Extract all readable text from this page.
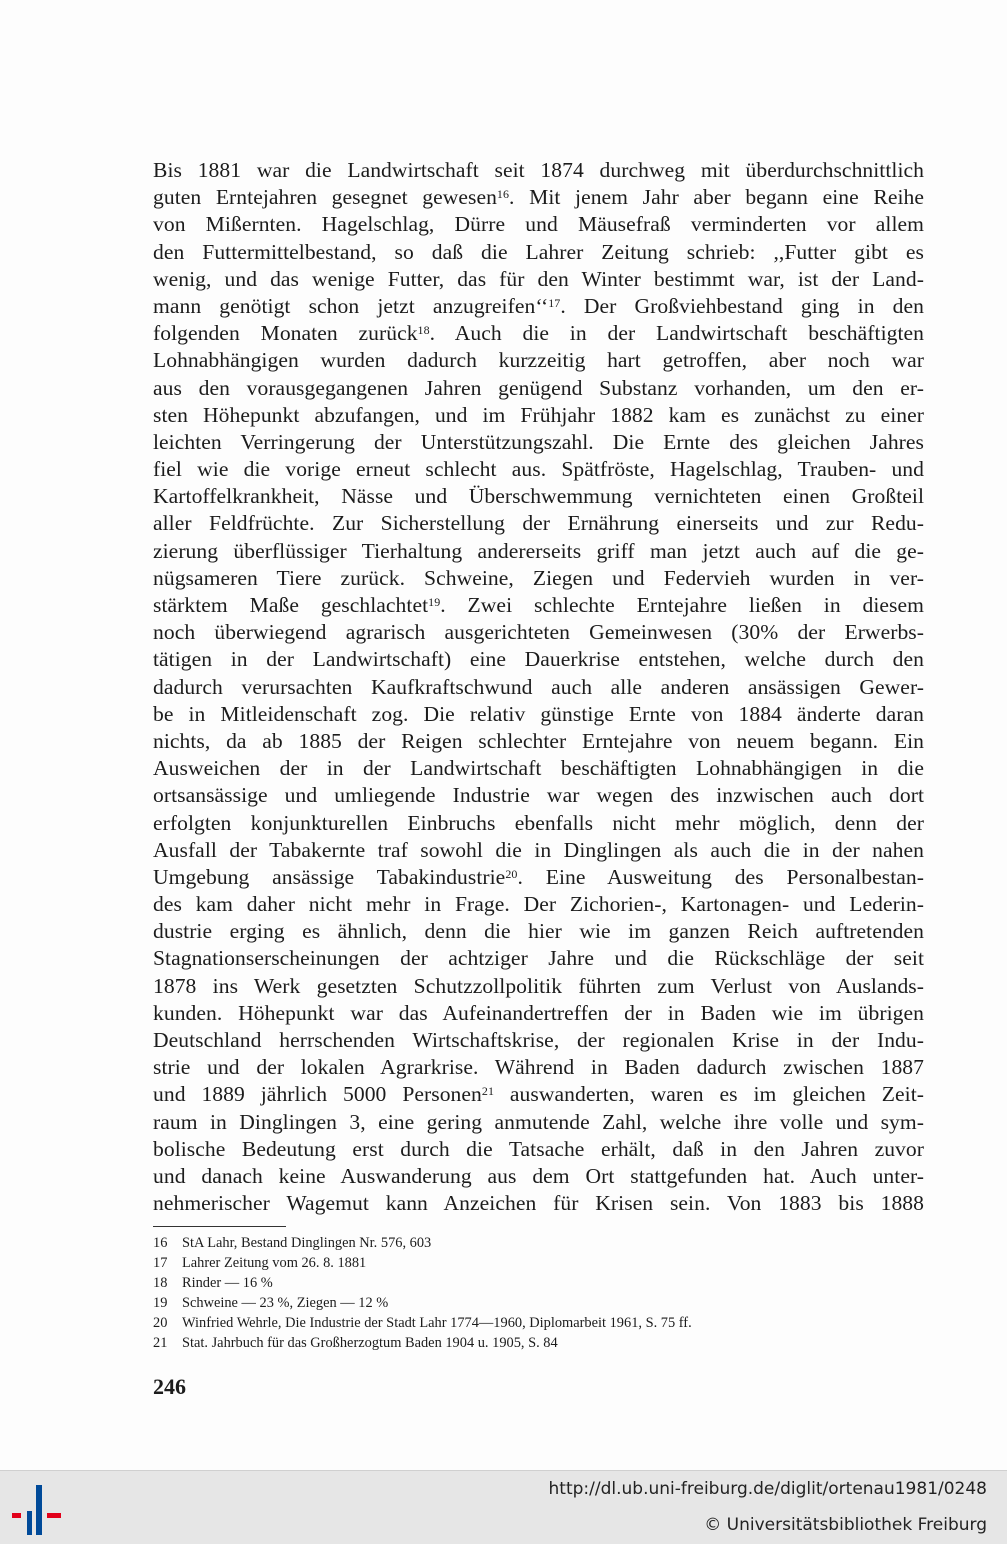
Bis 1881 war die Landwirtschaft seit 1874 durchweg mit überdurchschnittlich
guten Erntejahren gesegnet gewesen$^{16}$. Mit jenem Jahr aber begann eine Reihe
von Mißernten. Hagelschlag, Dürre und Mäusefraß verminderten vor allem
den Futtermittelbestand, so daß die Lahrer Zeitung schrieb: ,,Futter gibt es
wenig, und das wenige Futter, das für den Winter bestimmt war, ist der Land-
mann genötigt schon jetzt anzugreifen‘‘$^{17}$. Der Großviehbestand ging in den
folgenden Monaten zurück$^{18}$. Auch die in der Landwirtschaft beschäftigten
Lohnabhängigen wurden dadurch kurzzeitig hart getroffen, aber noch war
aus den vorausgegangenen Jahren genügend Substanz vorhanden, um den er-
sten Höhepunkt abzufangen, und im Frühjahr 1882 kam es zunächst zu einer
leichten Verringerung der Unterstützungszahl. Die Ernte des gleichen Jahres
fiel wie die vorige erneut schlecht aus. Spätfröste, Hagelschlag, Trauben- und
Kartoffelkrankheit, Nässe und Überschwemmung vernichteten einen Großteil
aller Feldfrüchte. Zur Sicherstellung der Ernährung einerseits und zur Redu-
zierung überflüssiger Tierhaltung andererseits griff man jetzt auch auf die ge-
nügsameren Tiere zurück. Schweine, Ziegen und Federvieh wurden in ver-
stärktem Maße geschlachtet$^{19}$. Zwei schlechte Erntejahre ließen in diesem
noch überwiegend agrarisch ausgerichteten Gemeinwesen (30% der Erwerbs-
tätigen in der Landwirtschaft) eine Dauerkrise entstehen, welche durch den
dadurch verursachten Kaufkraftschwund auch alle anderen ansässigen Gewer-
be in Mitleidenschaft zog. Die relativ günstige Ernte von 1884 änderte daran
nichts, da ab 1885 der Reigen schlechter Erntejahre von neuem begann. Ein
Ausweichen der in der Landwirtschaft beschäftigten Lohnabhängigen in die
ortsansässige und umliegende Industrie war wegen des inzwischen auch dort
erfolgten konjunkturellen Einbruchs ebenfalls nicht mehr möglich, denn der
Ausfall der Tabakernte traf sowohl die in Dinglingen als auch die in der nahen
Umgebung ansässige Tabakindustrie$^{20}$. Eine Ausweitung des Personalbestan-
des kam daher nicht mehr in Frage. Der Zichorien-, Kartonagen- und Lederin-
dustrie erging es ähnlich, denn die hier wie im ganzen Reich auftretenden
Stagnationserscheinungen der achtziger Jahre und die Rückschläge der seit
1878 ins Werk gesetzten Schutzzollpolitik führten zum Verlust von Auslands-
kunden. Höhepunkt war das Aufeinandertreffen der in Baden wie im übrigen
Deutschland herrschenden Wirtschaftskrise, der regionalen Krise in der Indu-
strie und der lokalen Agrarkrise. Während in Baden dadurch zwischen 1887
und 1889 jährlich 5000 Personen$^{21}$ auswanderten, waren es im gleichen Zeit-
raum in Dinglingen 3, eine gering anmutende Zahl, welche ihre volle und sym-
bolische Bedeutung erst durch die Tatsache erhält, daß in den Jahren zuvor
und danach keine Auswanderung aus dem Ort stattgefunden hat. Auch unter-
nehmerischer Wagemut kann Anzeichen für Krisen sein. Von 1883 bis 1888
16	StA Lahr, Bestand Dinglingen Nr. 576, 603
17	Lahrer Zeitung vom 26. 8. 1881
18	Rinder — 16 %
19	Schweine — 23 %, Ziegen — 12 %
20	Winfried Wehrle, Die Industrie der Stadt Lahr 1774—1960, Diplomarbeit 1961, S. 75 ff.
21	Stat. Jahrbuch für das Großherzogtum Baden 1904 u. 1905, S. 84
246
http://dl.ub.uni-freiburg.de/diglit/ortenau1981/0248
© Universitätsbibliothek Freiburg
